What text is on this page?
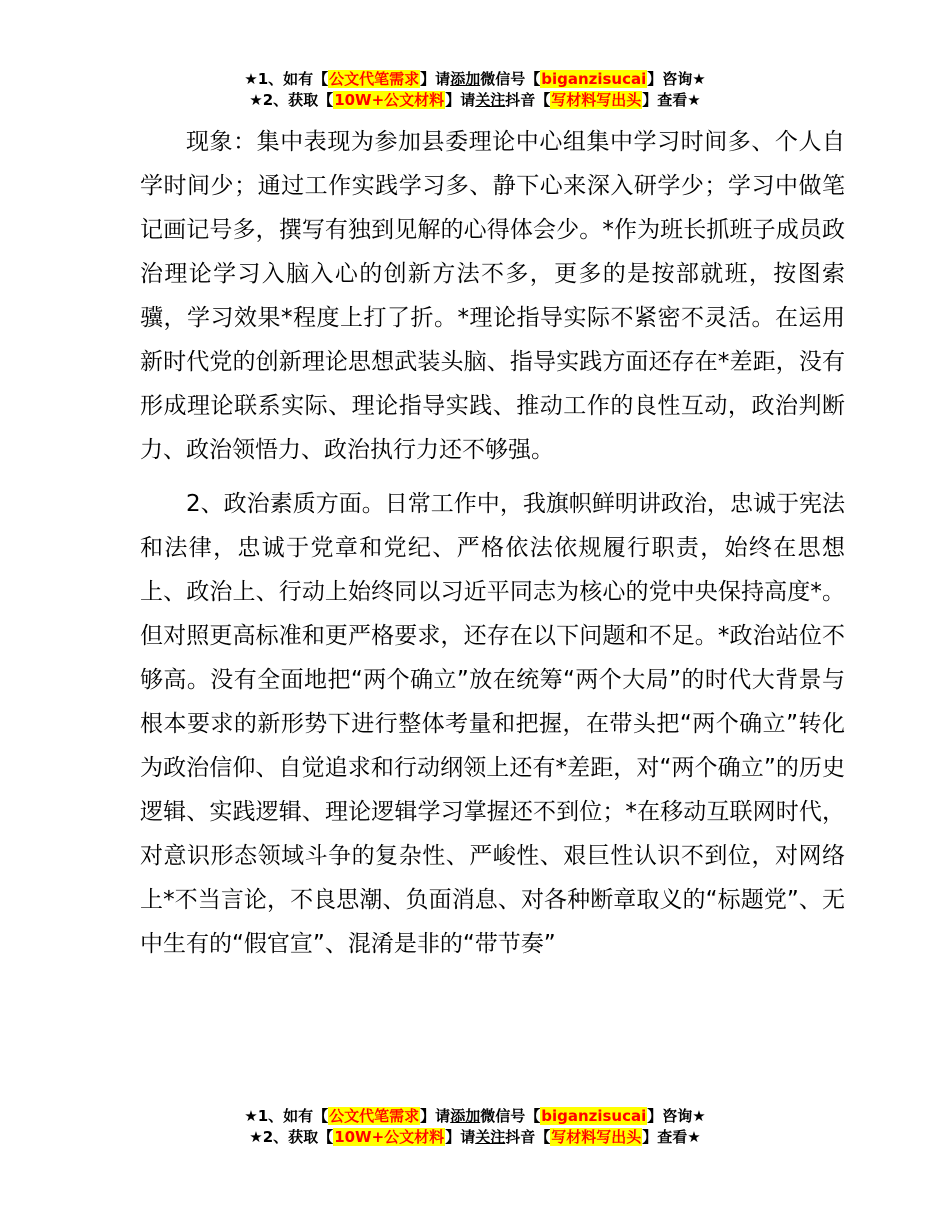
★1、如有【公文代笔需求】请添加微信号【biganzisucai】咨询★
★2、获取【10W+公文材料】请关注抖音【写材料写出头】查看★

现象：集中表现为参加县委理论中心组集中学习时间多、个人自学时间少；通过工作实践学习多、静下心来深入研学少；学习中做笔记画记号多，撰写有独到见解的心得体会少。*作为班长抓班子成员政治理论学习入脑入心的创新方法不多，更多的是按部就班，按图索骥，学习效果*程度上打了折。*理论指导实际不紧密不灵活。在运用新时代党的创新理论思想武装头脑、指导实践方面还存在*差距，没有形成理论联系实际、理论指导实践、推动工作的良性互动，政治判断力、政治领悟力、政治执行力还不够强。

2、政治素质方面。日常工作中，我旗帜鲜明讲政治，忠诚于宪法和法律，忠诚于党章和党纪、严格依法依规履行职责，始终在思想上、政治上、行动上始终同以习近平同志为核心的党中央保持高度*。但对照更高标准和更严格要求，还存在以下问题和不足。*政治站位不够高。没有全面地把“两个确立”放在统筹“两个大局”的时代大背景与根本要求的新形势下进行整体考量和把握，在带头把“两个确立”转化为政治信仰、自觉追求和行动纲领上还有*差距，对“两个确立”的历史逻辑、实践逻辑、理论逻辑学习掌握还不到位；*在移动互联网时代，对意识形态领域斗争的复杂性、严峻性、艰巨性认识不到位，对网络上*不当言论，不良思潮、负面消息、对各种断章取义的“标题党”、无中生有的“假官宣”、混淆是非的“带节奏”

★1、如有【公文代笔需求】请添加微信号【biganzisucai】咨询★
★2、获取【10W+公文材料】请关注抖音【写材料写出头】查看★
